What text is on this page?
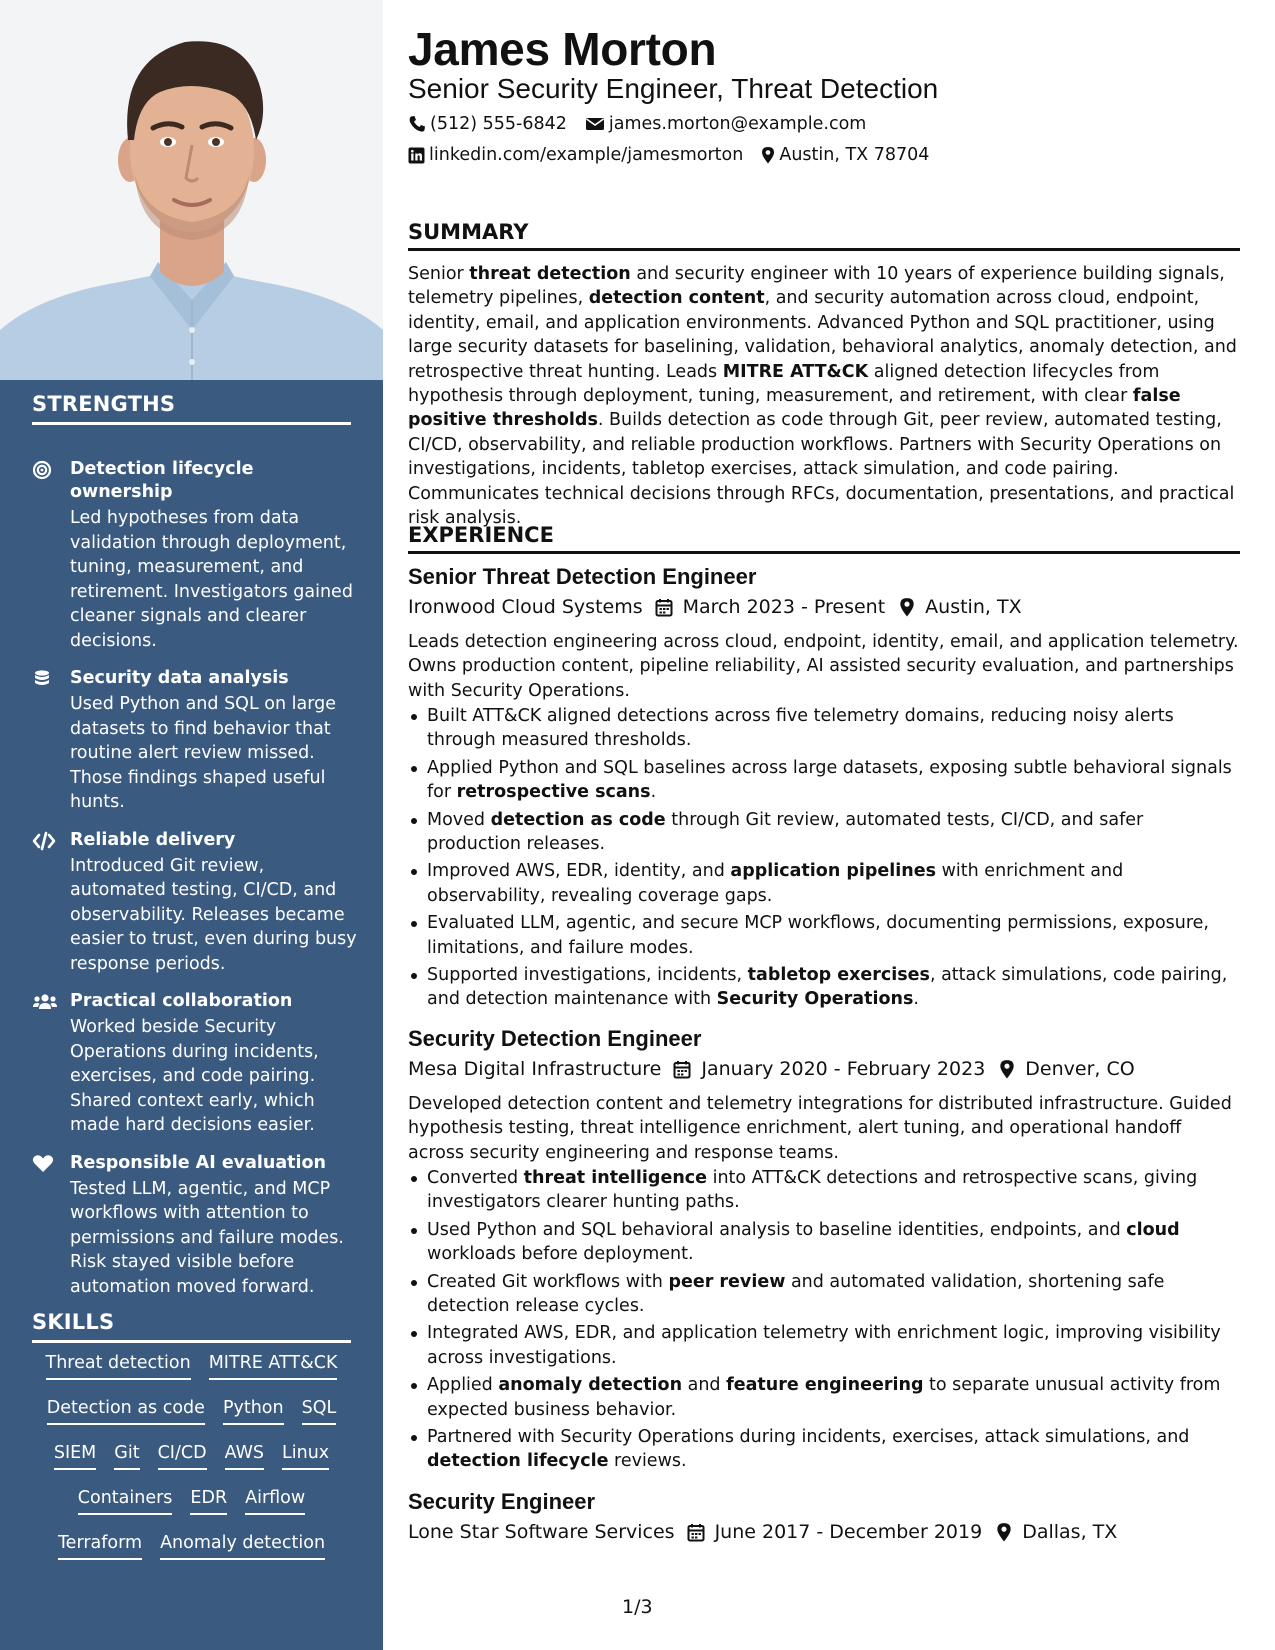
STRENGTHS
Detection lifecycle ownership
Led hypotheses from data validation through deployment, tuning, measurement, and retirement. Investigators gained cleaner signals and clearer decisions.
Security data analysis
Used Python and SQL on large datasets to find behavior that routine alert review missed. Those findings shaped useful hunts.
Reliable delivery
Introduced Git review, automated testing, CI/CD, and observability. Releases became easier to trust, even during busy response periods.
Practical collaboration
Worked beside Security Operations during incidents, exercises, and code pairing. Shared context early, which made hard decisions easier.
Responsible AI evaluation
Tested LLM, agentic, and MCP workflows with attention to permissions and failure modes. Risk stayed visible before automation moved forward.
SKILLS
Threat detection MITRE ATT&CK
Detection as code Python SQL
SIEM Git CI/CD AWS Linux
Containers EDR Airflow
Terraform Anomaly detection
James Morton
Senior Security Engineer, Threat Detection
(512) 555-6842 james.morton@example.com
linkedin.com/example/jamesmorton Austin, TX 78704
SUMMARY

Senior threat detection and security engineer with 10 years of experience building signals, telemetry pipelines, detection content, and security automation across cloud, endpoint, identity, email, and application environments. Advanced Python and SQL practitioner, using large security datasets for baselining, validation, behavioral analytics, anomaly detection, and retrospective threat hunting. Leads MITRE ATT&CK aligned detection lifecycles from hypothesis through deployment, tuning, measurement, and retirement, with clear false positive thresholds. Builds detection as code through Git, peer review, automated testing, CI/CD, observability, and reliable production workflows. Partners with Security Operations on investigations, incidents, tabletop exercises, attack simulation, and code pairing. Communicates technical decisions through RFCs, documentation, presentations, and practical risk analysis.

EXPERIENCE
Senior Threat Detection Engineer
Ironwood Cloud Systems March 2023 - Present Austin, TX

Leads detection engineering across cloud, endpoint, identity, email, and application telemetry. Owns production content, pipeline reliability, AI assisted security evaluation, and partnerships with Security Operations.

Built ATT&CK aligned detections across five telemetry domains, reducing noisy alerts through measured thresholds.
Applied Python and SQL baselines across large datasets, exposing subtle behavioral signals for retrospective scans.
Moved detection as code through Git review, automated tests, CI/CD, and safer production releases.
Improved AWS, EDR, identity, and application pipelines with enrichment and observability, revealing coverage gaps.
Evaluated LLM, agentic, and secure MCP workflows, documenting permissions, exposure, limitations, and failure modes.
Supported investigations, incidents, tabletop exercises, attack simulations, code pairing, and detection maintenance with Security Operations.
Security Detection Engineer
Mesa Digital Infrastructure January 2020 - February 2023 Denver, CO

Developed detection content and telemetry integrations for distributed infrastructure. Guided hypothesis testing, threat intelligence enrichment, alert tuning, and operational handoff across security engineering and response teams.

Converted threat intelligence into ATT&CK detections and retrospective scans, giving investigators clearer hunting paths.
Used Python and SQL behavioral analysis to baseline identities, endpoints, and cloud workloads before deployment.
Created Git workflows with peer review and automated validation, shortening safe detection release cycles.
Integrated AWS, EDR, and application telemetry with enrichment logic, improving visibility across investigations.
Applied anomaly detection and feature engineering to separate unusual activity from expected business behavior.
Partnered with Security Operations during incidents, exercises, attack simulations, and detection lifecycle reviews.
Security Engineer
Lone Star Software Services June 2017 - December 2019 Dallas, TX
1/3
